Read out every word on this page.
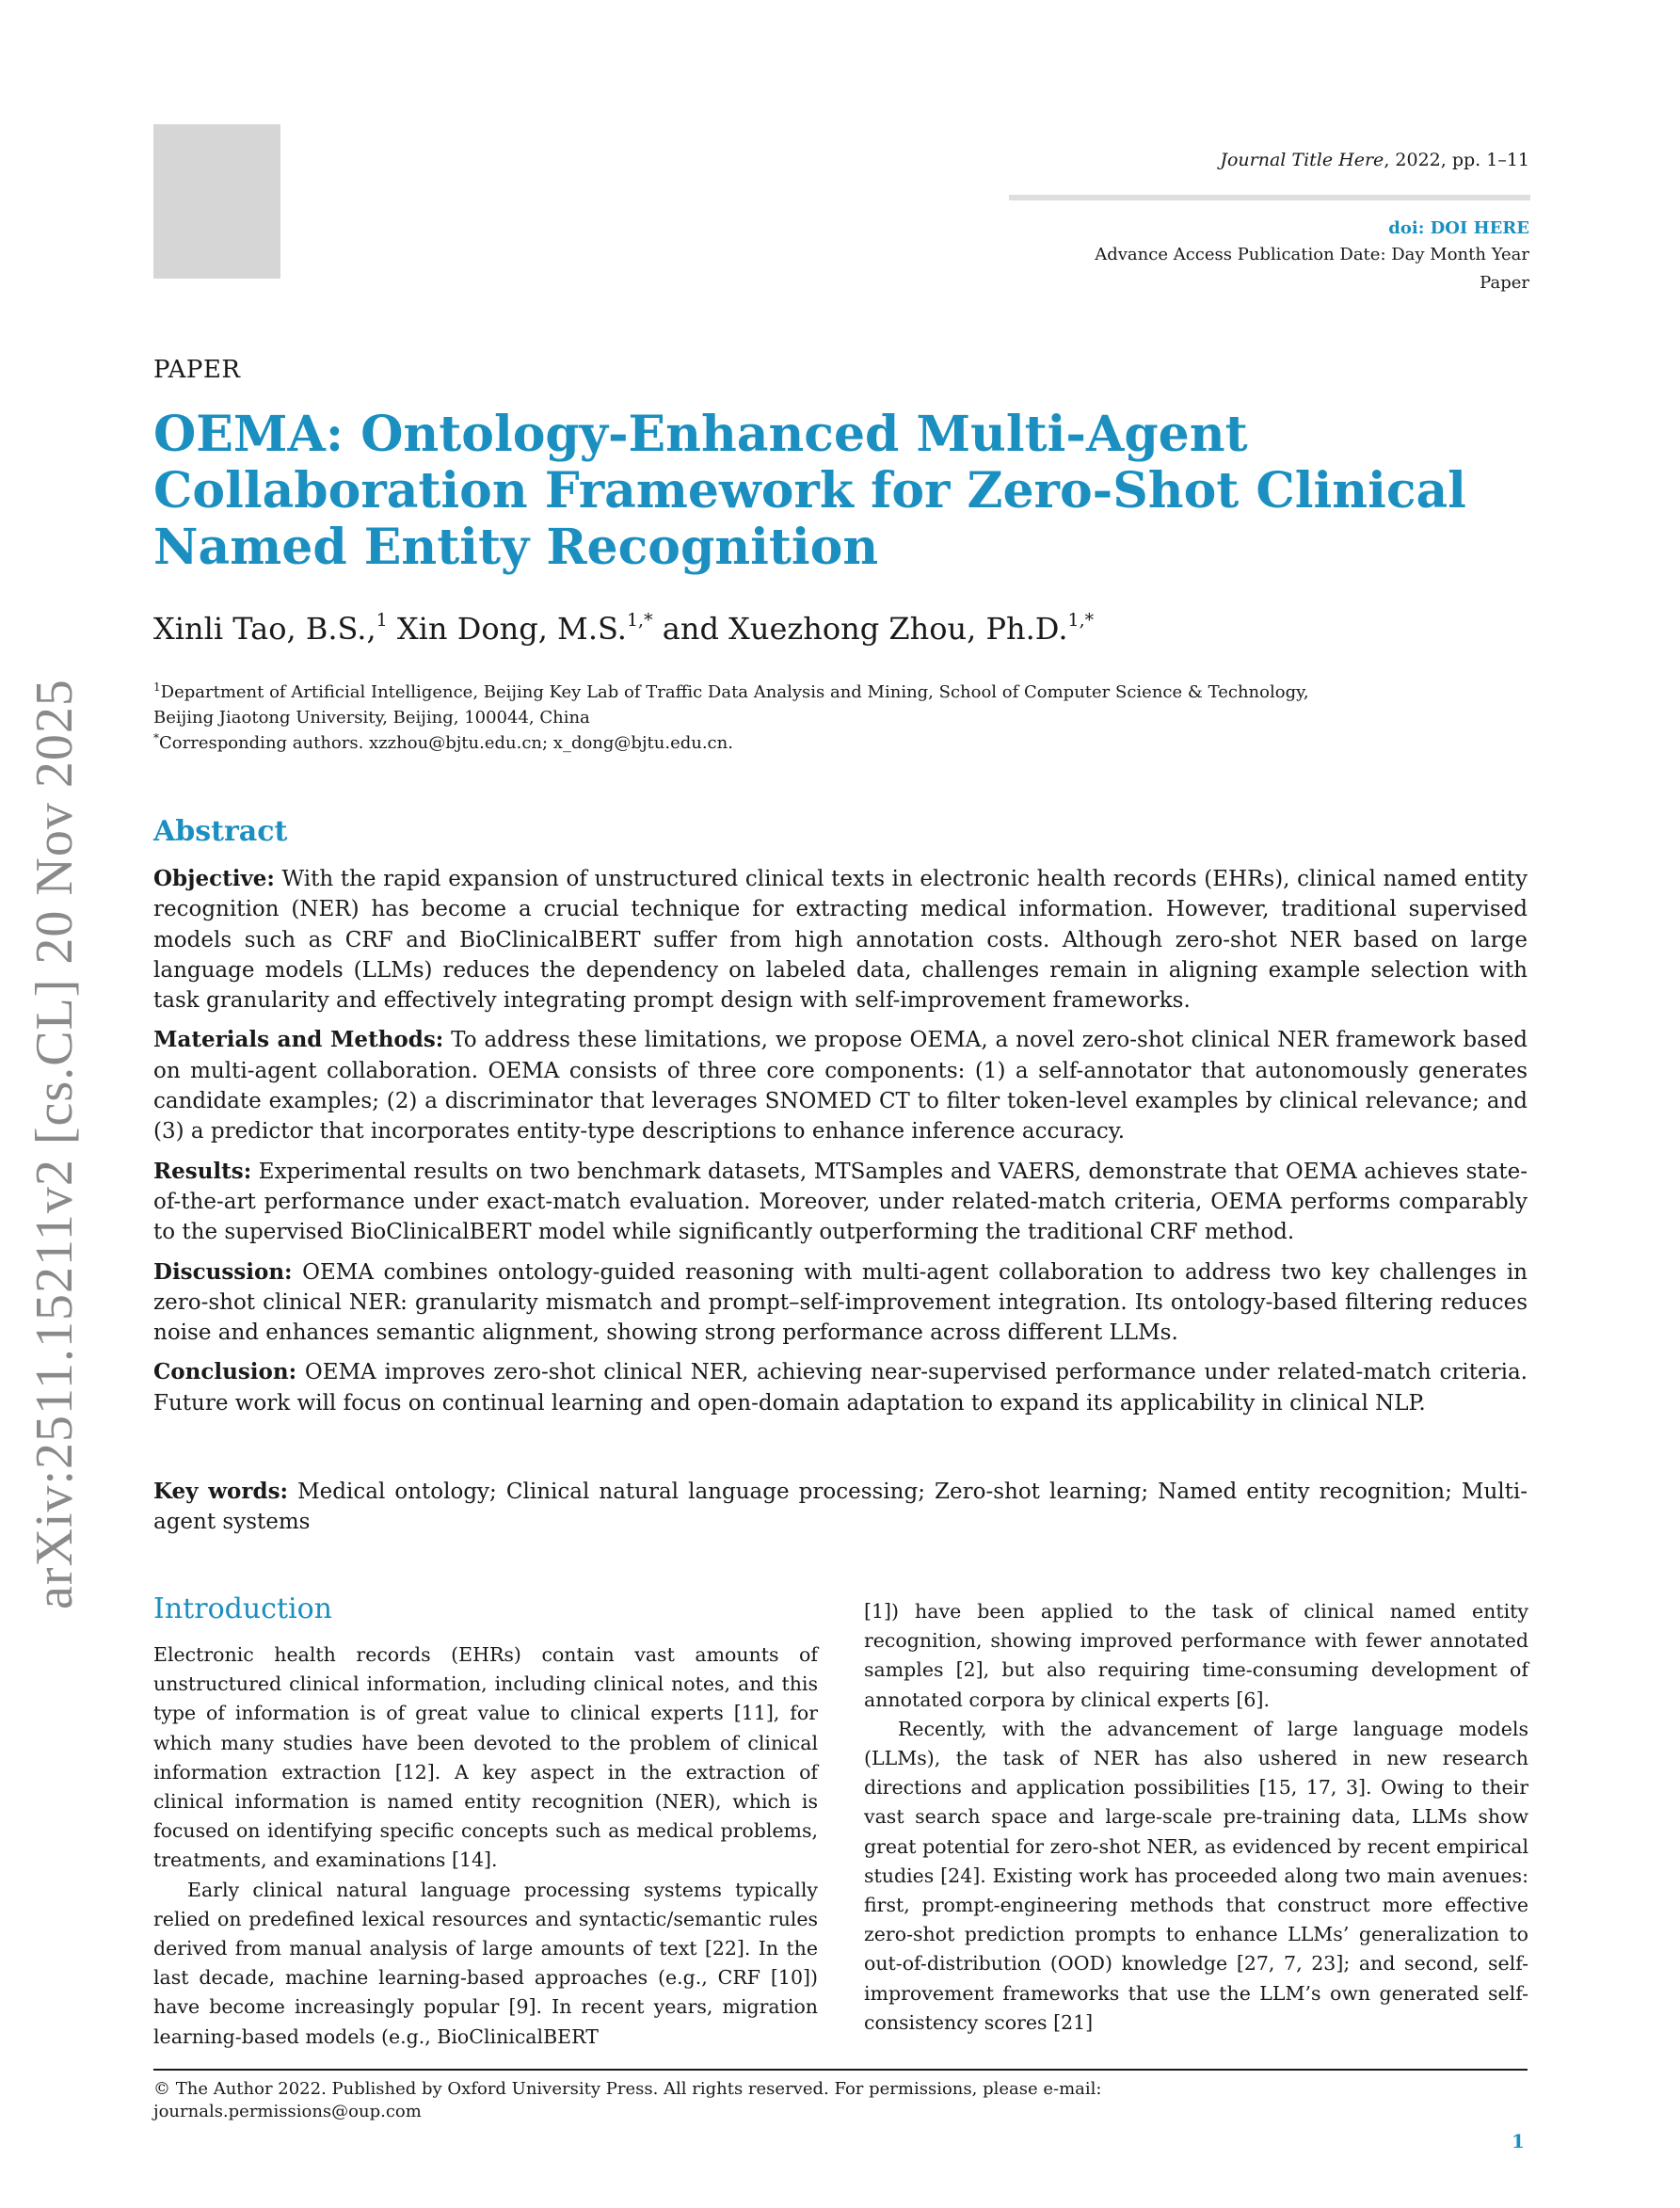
Journal Title Here, 2022, pp. 1–11
doi: DOI HERE
Advance Access Publication Date: Day Month Year
Paper
arXiv:2511.15211v2 [cs.CL] 20 Nov 2025
PAPER
OEMA: Ontology-Enhanced Multi-Agent
Collaboration Framework for Zero-Shot Clinical
Named Entity Recognition
Xinli Tao, B.S.,$^1$ Xin Dong, M.S.$^{1,*}$ and Xuezhong Zhou, Ph.D.$^{1,*}$
$^1$Department of Artificial Intelligence, Beijing Key Lab of Traffic Data Analysis and Mining, School of Computer Science & Technology,
Beijing Jiaotong University, Beijing, 100044, China
*Corresponding authors. xzzhou@bjtu.edu.cn; x_dong@bjtu.edu.cn.
Abstract

Objective: With the rapid expansion of unstructured clinical texts in electronic health records (EHRs), clinical named entity recognition (NER) has become a crucial technique for extracting medical information. However, traditional supervised models such as CRF and BioClinicalBERT suffer from high annotation costs. Although zero-shot NER based on large language models (LLMs) reduces the dependency on labeled data, challenges remain in aligning example selection with task granularity and effectively integrating prompt design with self-improvement frameworks.

Materials and Methods: To address these limitations, we propose OEMA, a novel zero-shot clinical NER framework based on multi-agent collaboration. OEMA consists of three core components: (1) a self-annotator that autonomously generates candidate examples; (2) a discriminator that leverages SNOMED CT to filter token-level examples by clinical relevance; and (3) a predictor that incorporates entity-type descriptions to enhance inference accuracy.

Results: Experimental results on two benchmark datasets, MTSamples and VAERS, demonstrate that OEMA achieves state-of-the-art performance under exact-match evaluation. Moreover, under related-match criteria, OEMA performs comparably to the supervised BioClinicalBERT model while significantly outperforming the traditional CRF method.

Discussion: OEMA combines ontology-guided reasoning with multi-agent collaboration to address two key challenges in zero-shot clinical NER: granularity mismatch and prompt–self-improvement integration. Its ontology-based filtering reduces noise and enhances semantic alignment, showing strong performance across different LLMs.

Conclusion: OEMA improves zero-shot clinical NER, achieving near-supervised performance under related-match criteria. Future work will focus on continual learning and open-domain adaptation to expand its applicability in clinical NLP.

Key words: Medical ontology; Clinical natural language processing; Zero-shot learning; Named entity recognition; Multi-agent systems
Introduction

Electronic health records (EHRs) contain vast amounts of unstructured clinical information, including clinical notes, and this type of information is of great value to clinical experts [11], for which many studies have been devoted to the problem of clinical information extraction [12]. A key aspect in the extraction of clinical information is named entity recognition (NER), which is focused on identifying specific concepts such as medical problems, treatments, and examinations [14].

Early clinical natural language processing systems typically relied on predefined lexical resources and syntactic/semantic rules derived from manual analysis of large amounts of text [22]. In the last decade, machine learning-based approaches (e.g., CRF [10]) have become increasingly popular [9]. In recent years, migration learning-based models (e.g., BioClinicalBERT

[1]) have been applied to the task of clinical named entity recognition, showing improved performance with fewer annotated samples [2], but also requiring time-consuming development of annotated corpora by clinical experts [6].

Recently, with the advancement of large language models (LLMs), the task of NER has also ushered in new research directions and application possibilities [15, 17, 3]. Owing to their vast search space and large-scale pre-training data, LLMs show great potential for zero-shot NER, as evidenced by recent empirical studies [24]. Existing work has proceeded along two main avenues: first, prompt-engineering methods that construct more effective zero-shot prediction prompts to enhance LLMs’ generalization to out-of-distribution (OOD) knowledge [27, 7, 23]; and second, self-improvement frameworks that use the LLM’s own generated self-consistency scores [21]

© The Author 2022. Published by Oxford University Press. All rights reserved. For permissions, please e-mail:
journals.permissions@oup.com
1
